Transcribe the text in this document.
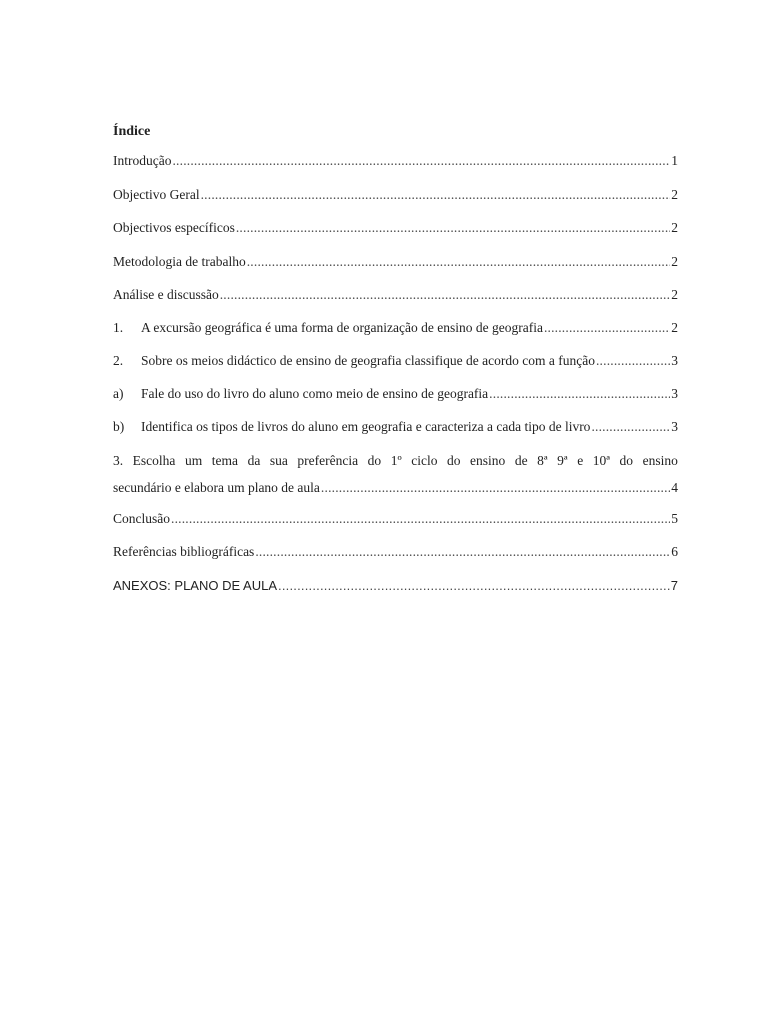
Índice
Introdução .....	1
Objectivo Geral .....	2
Objectivos específicos .....	2
Metodologia de trabalho .....	2
Análise e discussão .....	2
1.	A excursão geográfica é uma forma de organização de ensino de geografia .....	2
2.	Sobre os meios didáctico de ensino de geografia classifique de acordo com a função .....	3
a)	Fale do uso do livro do aluno como meio de ensino de geografia .....	3
b)	Identifica os tipos de livros do aluno em geografia e caracteriza a cada tipo de livro .....	3
3. Escolha um tema da sua preferência do 1º ciclo do ensino de 8ª 9ª e 10ª do ensino
secundário e elabora um plano de aula .....	4
Conclusão .....	5
Referências bibliográficas .....	6
ANEXOS: PLANO DE AULA .....	7
